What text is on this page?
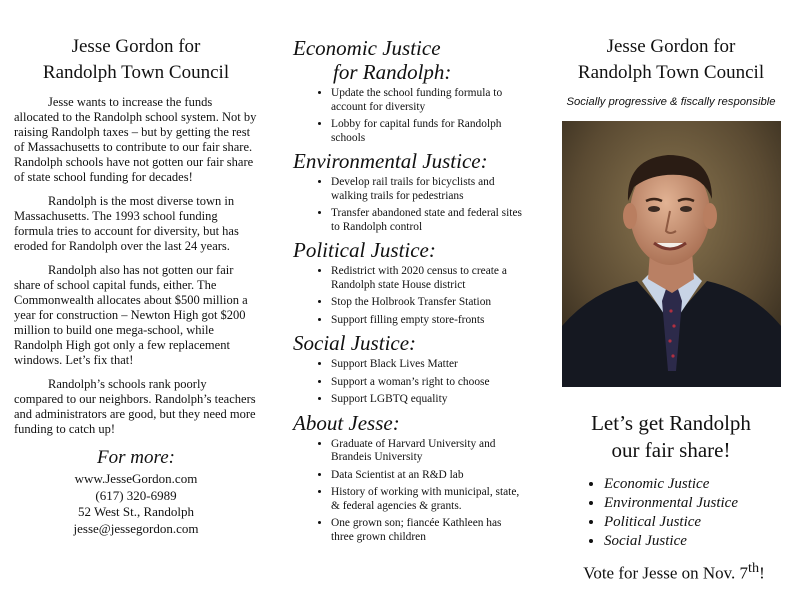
Jesse Gordon for
Randolph Town Council

Jesse wants to increase the funds allocated to the Randolph school system. Not by raising Randolph taxes – but by getting the rest of Massachusetts to contribute to our fair share. Randolph schools have not gotten our fair share of state school funding for decades!

Randolph is the most diverse town in Massachusetts. The 1993 school funding formula tries to account for diversity, but has eroded for Randolph over the last 24 years.

Randolph also has not gotten our fair share of school capital funds, either. The Commonwealth allocates about $500 million a year for construction – Newton High got $200 million to build one mega-school, while Randolph High got only a few replacement windows. Let’s fix that!

Randolph’s schools rank poorly compared to our neighbors. Randolph’s teachers and administrators are good, but they need more funding to catch up!

For more:
www.JesseGordon.com
(617) 320-6989
52 West St., Randolph
jesse@jessegordon.com
Economic Justice
for Randolph:
• Update the school funding formula to account for diversity
• Lobby for capital funds for Randolph schools
Environmental Justice:
• Develop rail trails for bicyclists and walking trails for pedestrians
• Transfer abandoned state and federal sites to Randolph control
Political Justice:
• Redistrict with 2020 census to create a Randolph state House district
• Stop the Holbrook Transfer Station
• Support filling empty store-fronts
Social Justice:
• Support Black Lives Matter
• Support a woman’s right to choose
• Support LGBTQ equality
About Jesse:
• Graduate of Harvard University and Brandeis University
• Data Scientist at an R&D lab
• History of working with municipal, state, & federal agencies & grants.
• One grown son; fiancée Kathleen has three grown children
Jesse Gordon for
Randolph Town Council
Socially progressive & fiscally responsible
Let’s get Randolph
our fair share!
• Economic Justice
• Environmental Justice
• Political Justice
• Social Justice
Vote for Jesse on Nov. 7th!
